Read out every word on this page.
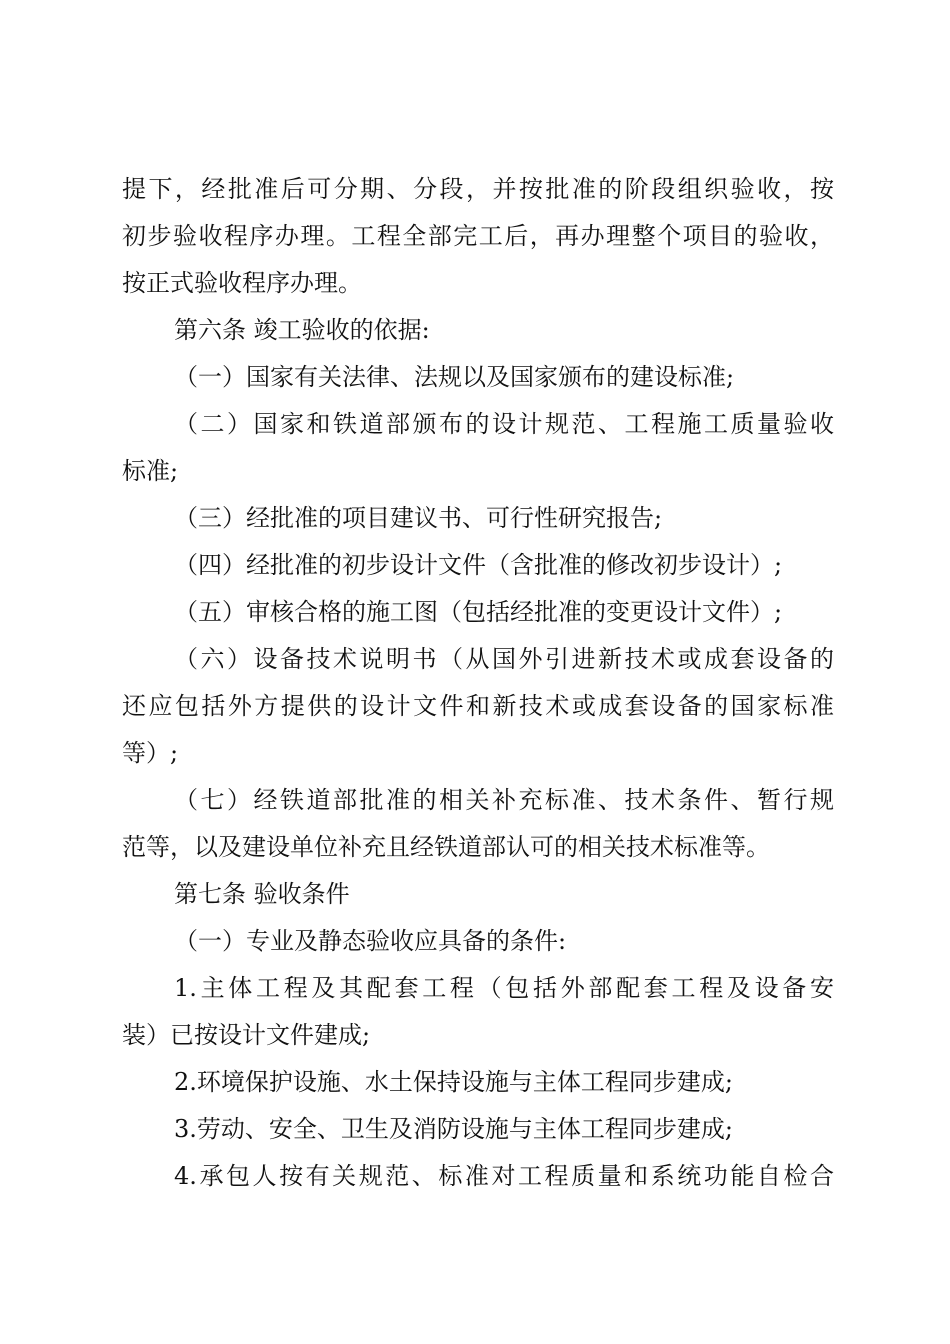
提下，经批准后可分期、分段，并按批准的阶段组织验收，按
初步验收程序办理。工程全部完工后，再办理整个项目的验收，
按正式验收程序办理。
第六条 竣工验收的依据:
（一）国家有关法律、法规以及国家颁布的建设标准;
（二）国家和铁道部颁布的设计规范、工程施工质量验收
标准;
（三）经批准的项目建议书、可行性研究报告;
（四）经批准的初步设计文件（含批准的修改初步设计）;
（五）审核合格的施工图（包括经批准的变更设计文件）;
（六）设备技术说明书（从国外引进新技术或成套设备的
还应包括外方提供的设计文件和新技术或成套设备的国家标准
等）;
（七）经铁道部批准的相关补充标准、技术条件、暂行规
范等，以及建设单位补充且经铁道部认可的相关技术标准等。
第七条 验收条件
（一）专业及静态验收应具备的条件:
1.主体工程及其配套工程（包括外部配套工程及设备安
装）已按设计文件建成;
2.环境保护设施、水土保持设施与主体工程同步建成;
3.劳动、安全、卫生及消防设施与主体工程同步建成;
4.承包人按有关规范、标准对工程质量和系统功能自检合
